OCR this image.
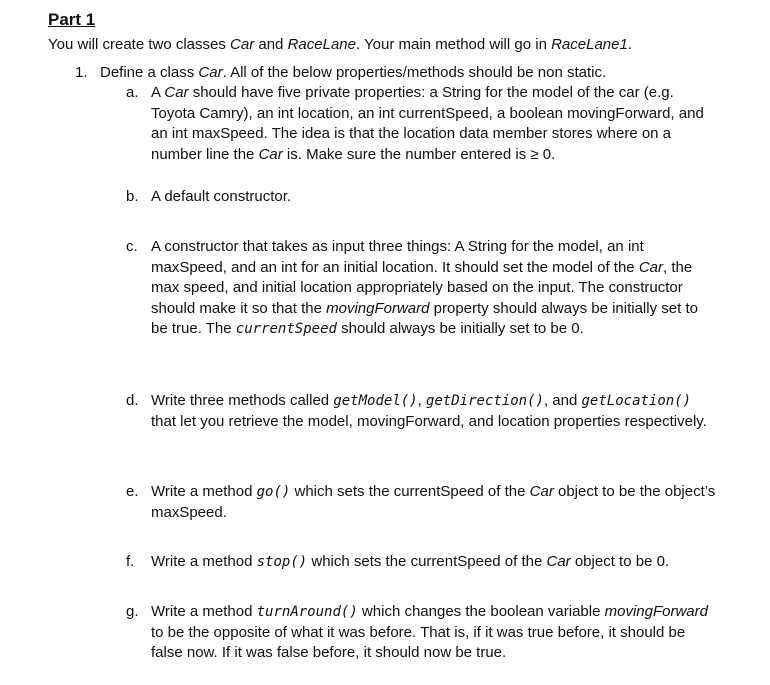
Part 1
You will create two classes Car and RaceLane. Your main method will go in RaceLane1.
1. Define a class Car. All of the below properties/methods should be non static.
a. A Car should have five private properties: a String for the model of the car (e.g. Toyota Camry), an int location, an int currentSpeed, a boolean movingForward, and an int maxSpeed. The idea is that the location data member stores where on a number line the Car is. Make sure the number entered is ≥ 0.
b. A default constructor.
c. A constructor that takes as input three things: A String for the model, an int maxSpeed, and an int for an initial location. It should set the model of the Car, the max speed, and initial location appropriately based on the input. The constructor should make it so that the movingForward property should always be initially set to be true. The currentSpeed should always be initially set to be 0.
d. Write three methods called getModel(), getDirection(), and getLocation() that let you retrieve the model, movingForward, and location properties respectively.
e. Write a method go() which sets the currentSpeed of the Car object to be the object’s maxSpeed.
f.	Write a method stop() which sets the currentSpeed of the Car object to be 0.
g. Write a method turnAround() which changes the boolean variable movingForward to be the opposite of what it was before. That is, if it was true before, it should be false now. If it was false before, it should now be true.
